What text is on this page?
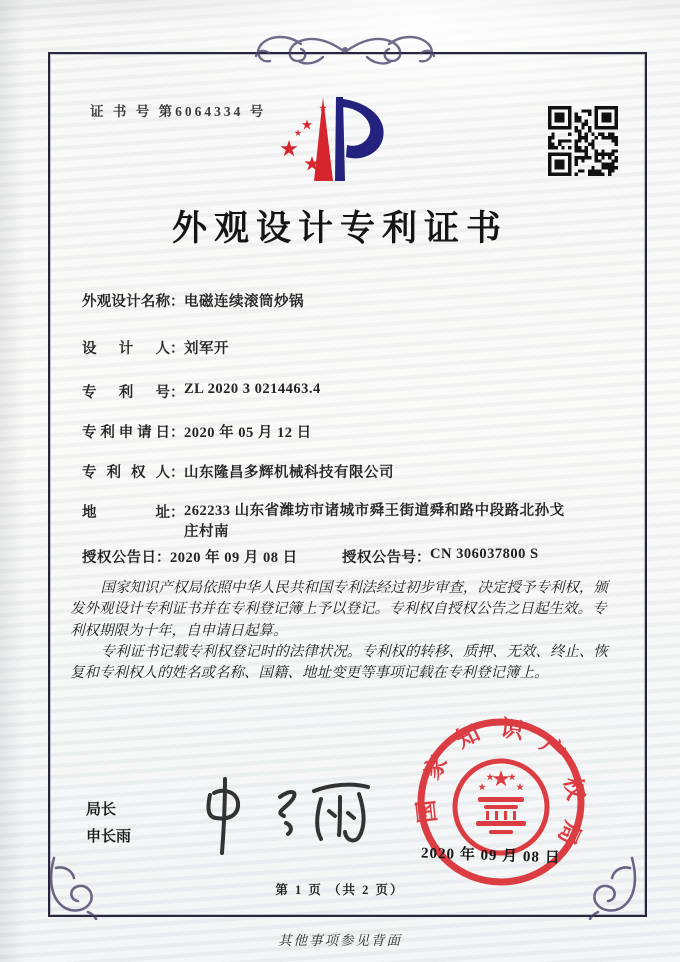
证 书 号 第6064334 号
外观设计专利证书
外观设计名称：电磁连续滚筒炒锅
设计人：刘军开
专利号：ZL 2020 3 0214463.4
专利申请日：2020 年 05 月 12 日
专利权人：山东隆昌多辉机械科技有限公司
地址：262233 山东省潍坊市诸城市舜王街道舜和路中段路北孙戈庄村南
授权公告日：2020 年 09 月 08 日	授权公告号：CN 306037800 S

国家知识产权局依照中华人民共和国专利法经过初步审查，决定授予专利权，颁发外观设计专利证书并在专利登记簿上予以登记。专利权自授权公告之日起生效。专利权期限为十年，自申请日起算。

专利证书记载专利权登记时的法律状况。专利权的转移、质押、无效、终止、恢复和专利权人的姓名或名称、国籍、地址变更等事项记载在专利登记簿上。

局长
申长雨
国家知识产权局
2020 年 09 月 08 日
第 1 页 （共 2 页）
其他事项参见背面
